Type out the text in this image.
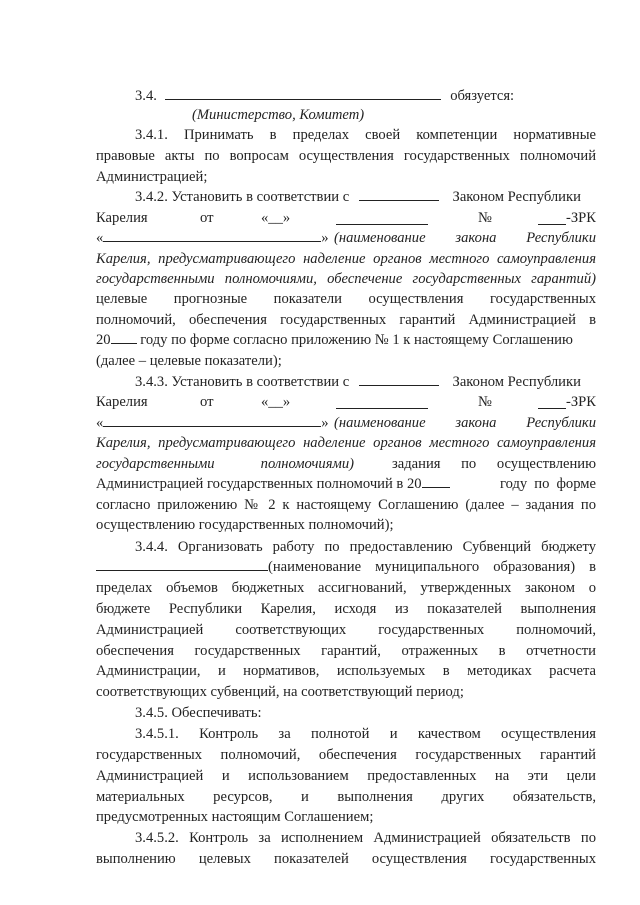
3.4.	обязуется:
(Министерство, Комитет)
3.4.1. Принимать в пределах своей компетенции нормативные
правовые акты по вопросам осуществления государственных полномочий
Администрацией;
3.4.2. Установить в соответствии с	Законом Республики
Карелия	от	«__»	№	-ЗРК
«	» (наименование закона Республики
Карелия, предусматривающего наделение органов местного самоуправления
государственными полномочиями, обеспечение государственных гарантий)
целевые прогнозные показатели осуществления государственных
полномочий, обеспечения государственных гарантий Администрацией в
20 году по форме согласно приложению № 1 к настоящему Соглашению
(далее – целевые показатели);
3.4.3. Установить в соответствии с	Законом Республики
Карелия	от	«__»	№	-ЗРК
«	» (наименование закона Республики
Карелия, предусматривающего наделение органов местного самоуправления
государственными полномочиями)	задания по осуществлению
Администрацией государственных полномочий в 20	году по форме
согласно приложению № 2 к настоящему Соглашению (далее – задания по
осуществлению государственных полномочий);
3.4.4. Организовать работу по предоставлению Субвенций бюджету
(наименование муниципального образования) в
пределах объемов бюджетных ассигнований, утвержденных законом о
бюджете Республики Карелия, исходя из показателей выполнения
Администрацией соответствующих государственных полномочий,
обеспечения государственных гарантий, отраженных в отчетности
Администрации, и нормативов, используемых в методиках расчета
соответствующих субвенций, на соответствующий период;
3.4.5. Обеспечивать:
3.4.5.1. Контроль за полнотой и качеством осуществления
государственных полномочий, обеспечения государственных гарантий
Администрацией и использованием предоставленных на эти цели
материальных ресурсов, и выполнения других обязательств,
предусмотренных настоящим Соглашением;
3.4.5.2. Контроль за исполнением Администрацией обязательств по
выполнению целевых показателей осуществления государственных
